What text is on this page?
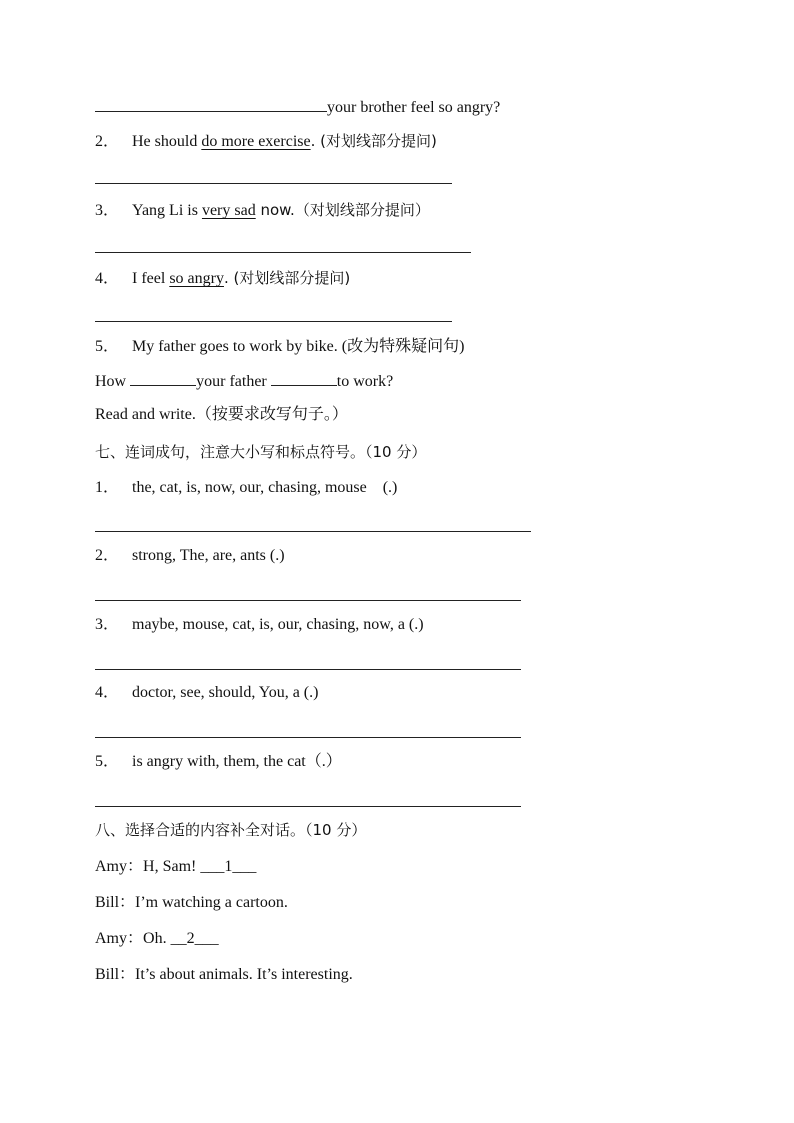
your brother feel so angry?
2． He should do more exercise. (对划线部分提问)
3． Yang Li is very sad now.（对划线部分提问）
4． I feel so angry. (对划线部分提问)
5． My father goes to work by bike. (改为特殊疑问句)
How	your father	to work?
Read and write.（按要求改写句子。）
七、连词成句，注意大小写和标点符号。（10 分）
1． the, cat, is, now, our, chasing, mouse    (.)
2． strong, The, are, ants (.)
3． maybe, mouse, cat, is, our, chasing, now, a (.)
4． doctor, see, should, You, a (.)
5． is angry with, them, the cat（.）
八、选择合适的内容补全对话。（10 分）
Amy：H, Sam! ___1___
Bill：I’m watching a cartoon.
Amy：Oh. __2___
Bill：It’s about animals. It’s interesting.
